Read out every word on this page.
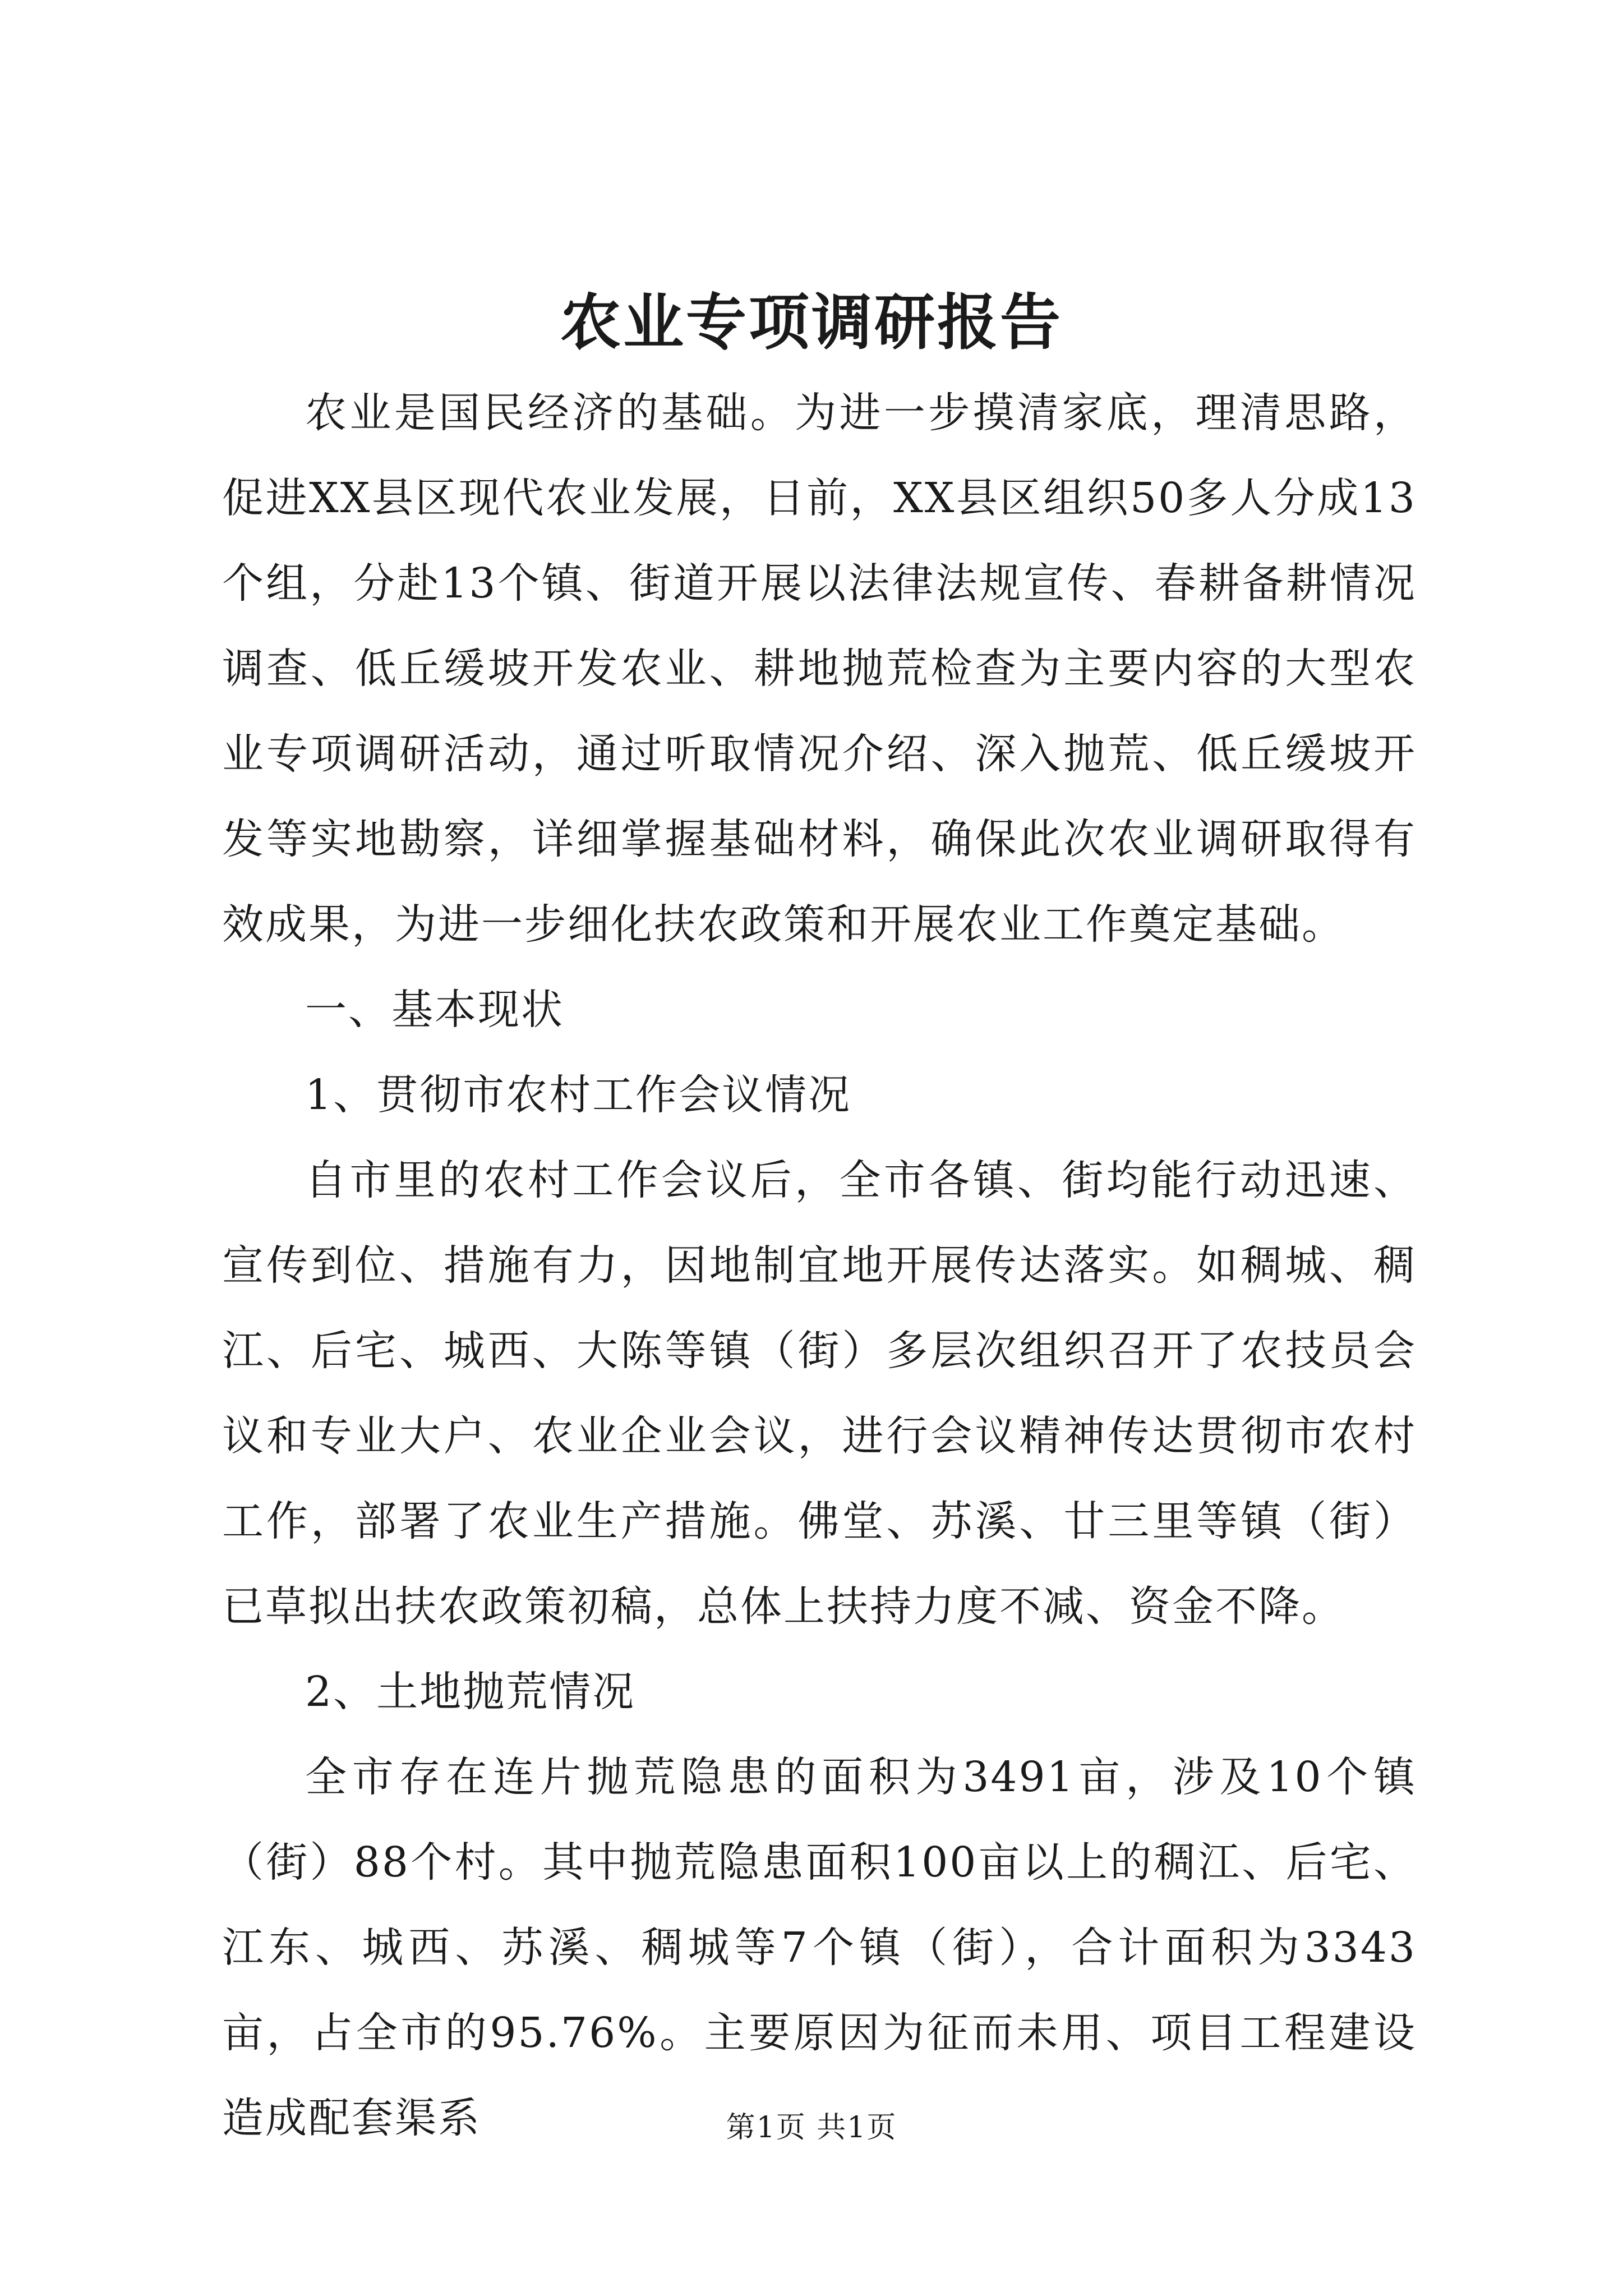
农业专项调研报告

农业是国民经济的基础。为进一步摸清家底，理清思路，促进XX县区现代农业发展，日前，XX县区组织50多人分成13个组，分赴13个镇、街道开展以法律法规宣传、春耕备耕情况调查、低丘缓坡开发农业、耕地抛荒检查为主要内容的大型农业专项调研活动，通过听取情况介绍、深入抛荒、低丘缓坡开发等实地勘察，详细掌握基础材料，确保此次农业调研取得有效成果，为进一步细化扶农政策和开展农业工作奠定基础。

一、基本现状

1、贯彻市农村工作会议情况

自市里的农村工作会议后，全市各镇、街均能行动迅速、宣传到位、措施有力，因地制宜地开展传达落实。如稠城、稠江、后宅、城西、大陈等镇（街）多层次组织召开了农技员会议和专业大户、农业企业会议，进行会议精神传达贯彻市农村工作，部署了农业生产措施。佛堂、苏溪、廿三里等镇（街）已草拟出扶农政策初稿，总体上扶持力度不减、资金不降。

2、土地抛荒情况

全市存在连片抛荒隐患的面积为3491亩，涉及10个镇（街）88个村。其中抛荒隐患面积100亩以上的稠江、后宅、江东、城西、苏溪、稠城等7个镇（街），合计面积为3343亩，占全市的95.76%。主要原因为征而未用、项目工程建设造成配套渠系	第1页 共1页
